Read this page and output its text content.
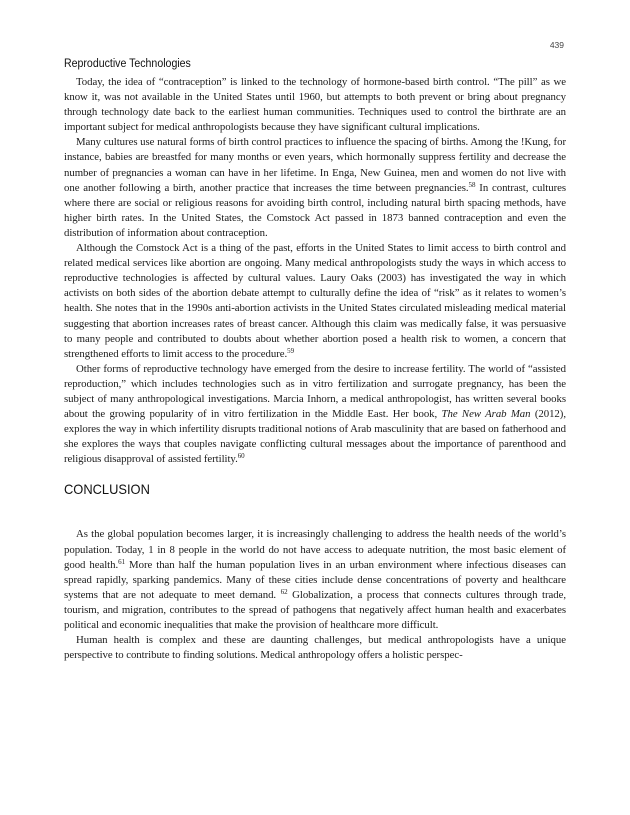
439
Reproductive Technologies

Today, the idea of “contraception” is linked to the technology of hormone-based birth control. “The pill” as we know it, was not available in the United States until 1960, but attempts to both prevent or bring about pregnancy through technology date back to the earliest human communities. Techniques used to control the birthrate are an important subject for medical anthropologists because they have significant cultural implications.

Many cultures use natural forms of birth control practices to influence the spacing of births. Among the !Kung, for instance, babies are breastfed for many months or even years, which hormonally suppress fertility and decrease the number of pregnancies a woman can have in her lifetime. In Enga, New Guinea, men and women do not live with one another following a birth, another practice that increases the time between pregnancies.$^{58}$ In contrast, cultures where there are social or religious reasons for avoiding birth control, including natural birth spacing methods, have higher birth rates. In the United States, the Comstock Act passed in 1873 banned contraception and even the distribution of information about contraception.

Although the Comstock Act is a thing of the past, efforts in the United States to limit access to birth control and related medical services like abortion are ongoing. Many medical anthropologists study the ways in which access to reproductive technologies is affected by cultural values. Laury Oaks (2003) has investigated the way in which activists on both sides of the abortion debate attempt to culturally define the idea of “risk” as it relates to women’s health. She notes that in the 1990s anti-abortion activists in the United States circulated misleading medical material suggesting that abortion increases rates of breast cancer. Although this claim was medically false, it was persuasive to many people and contributed to doubts about whether abortion posed a health risk to women, a concern that strengthened efforts to limit access to the procedure.$^{59}$

Other forms of reproductive technology have emerged from the desire to increase fertility. The world of “assisted reproduction,” which includes technologies such as in vitro fertilization and surrogate pregnancy, has been the subject of many anthropological investigations. Marcia Inhorn, a medical anthropologist, has written several books about the growing popularity of in vitro fertilization in the Middle East. Her book, The New Arab Man (2012), explores the way in which infertility disrupts traditional notions of Arab masculinity that are based on fatherhood and she explores the ways that couples navigate conflicting cultural messages about the importance of parenthood and religious disapproval of assisted fertility.$^{60}$

CONCLUSION

As the global population becomes larger, it is increasingly challenging to address the health needs of the world’s population. Today, 1 in 8 people in the world do not have access to adequate nutrition, the most basic element of good health.$^{61}$ More than half the human population lives in an urban environment where infectious diseases can spread rapidly, sparking pandemics. Many of these cities include dense concentrations of poverty and healthcare systems that are not adequate to meet demand. $^{62}$ Globalization, a process that connects cultures through trade, tourism, and migration, contributes to the spread of pathogens that negatively affect human health and exacerbates political and economic inequalities that make the provision of healthcare more difficult.

Human health is complex and these are daunting challenges, but medical anthropologists have a unique perspective to contribute to finding solutions. Medical anthropology offers a holistic perspec-
